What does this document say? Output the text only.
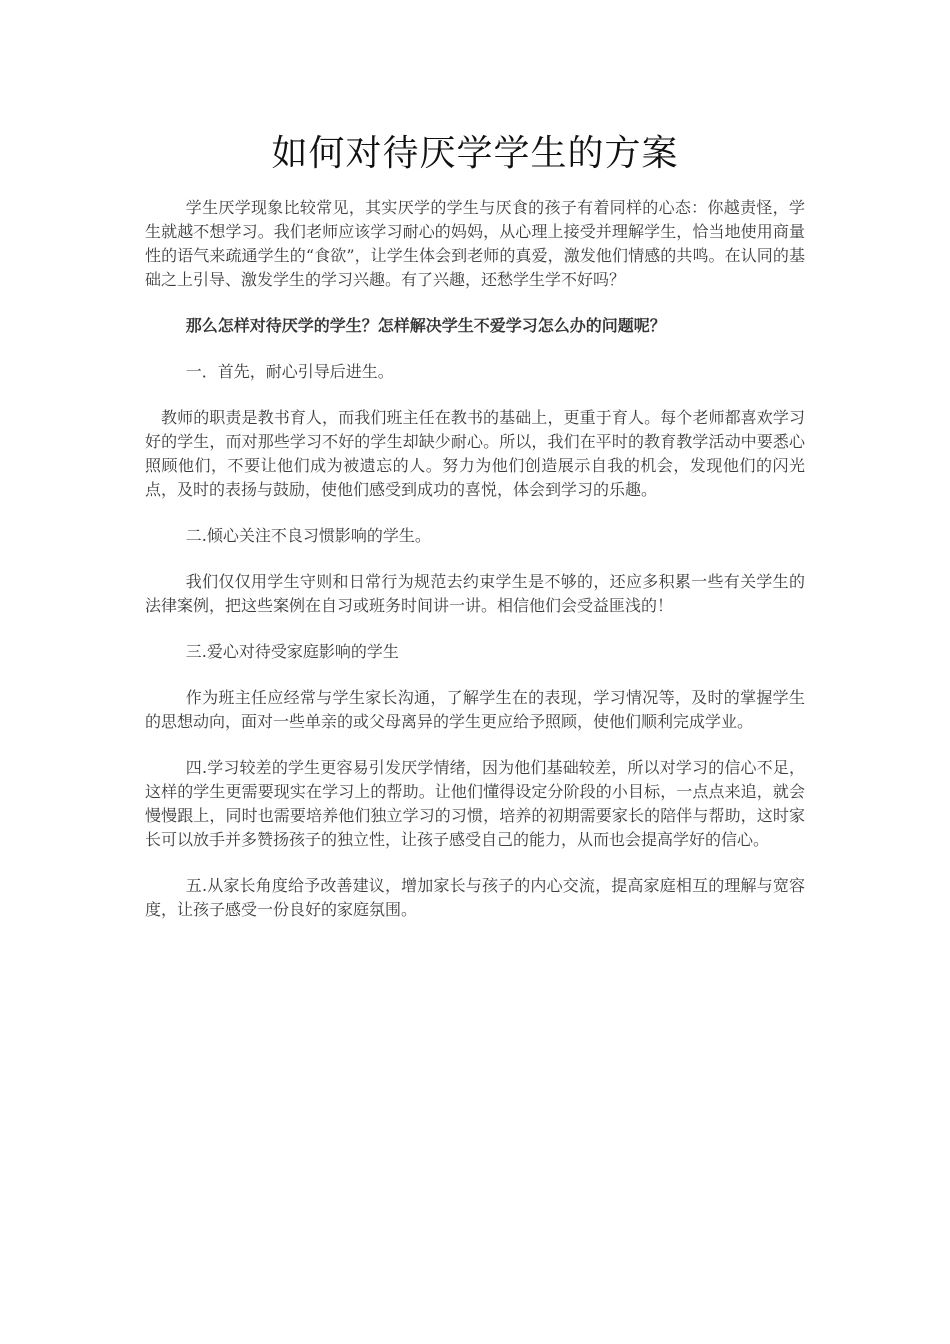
如何对待厌学学生的方案

学生厌学现象比较常见，其实厌学的学生与厌食的孩子有着同样的心态：你越责怪，学生就越不想学习。我们老师应该学习耐心的妈妈，从心理上接受并理解学生，恰当地使用商量性的语气来疏通学生的“食欲”，让学生体会到老师的真爱，激发他们情感的共鸣。在认同的基础之上引导、激发学生的学习兴趣。有了兴趣，还愁学生学不好吗？

那么怎样对待厌学的学生？怎样解决学生不爱学习怎么办的问题呢？

一．首先，耐心引导后进生。

教师的职责是教书育人，而我们班主任在教书的基础上，更重于育人。每个老师都喜欢学习好的学生，而对那些学习不好的学生却缺少耐心。所以，我们在平时的教育教学活动中要悉心照顾他们，不要让他们成为被遗忘的人。努力为他们创造展示自我的机会，发现他们的闪光点，及时的表扬与鼓励，使他们感受到成功的喜悦，体会到学习的乐趣。

二.倾心关注不良习惯影响的学生。

我们仅仅用学生守则和日常行为规范去约束学生是不够的，还应多积累一些有关学生的法律案例，把这些案例在自习或班务时间讲一讲。相信他们会受益匪浅的！

三.爱心对待受家庭影响的学生

作为班主任应经常与学生家长沟通，了解学生在的表现，学习情况等，及时的掌握学生的思想动向，面对一些单亲的或父母离异的学生更应给予照顾，使他们顺利完成学业。

四.学习较差的学生更容易引发厌学情绪，因为他们基础较差，所以对学习的信心不足，这样的学生更需要现实在学习上的帮助。让他们懂得设定分阶段的小目标，一点点来追，就会慢慢跟上，同时也需要培养他们独立学习的习惯，培养的初期需要家长的陪伴与帮助，这时家长可以放手并多赞扬孩子的独立性，让孩子感受自己的能力，从而也会提高学好的信心。

五.从家长角度给予改善建议，增加家长与孩子的内心交流，提高家庭相互的理解与宽容度，让孩子感受一份良好的家庭氛围。
